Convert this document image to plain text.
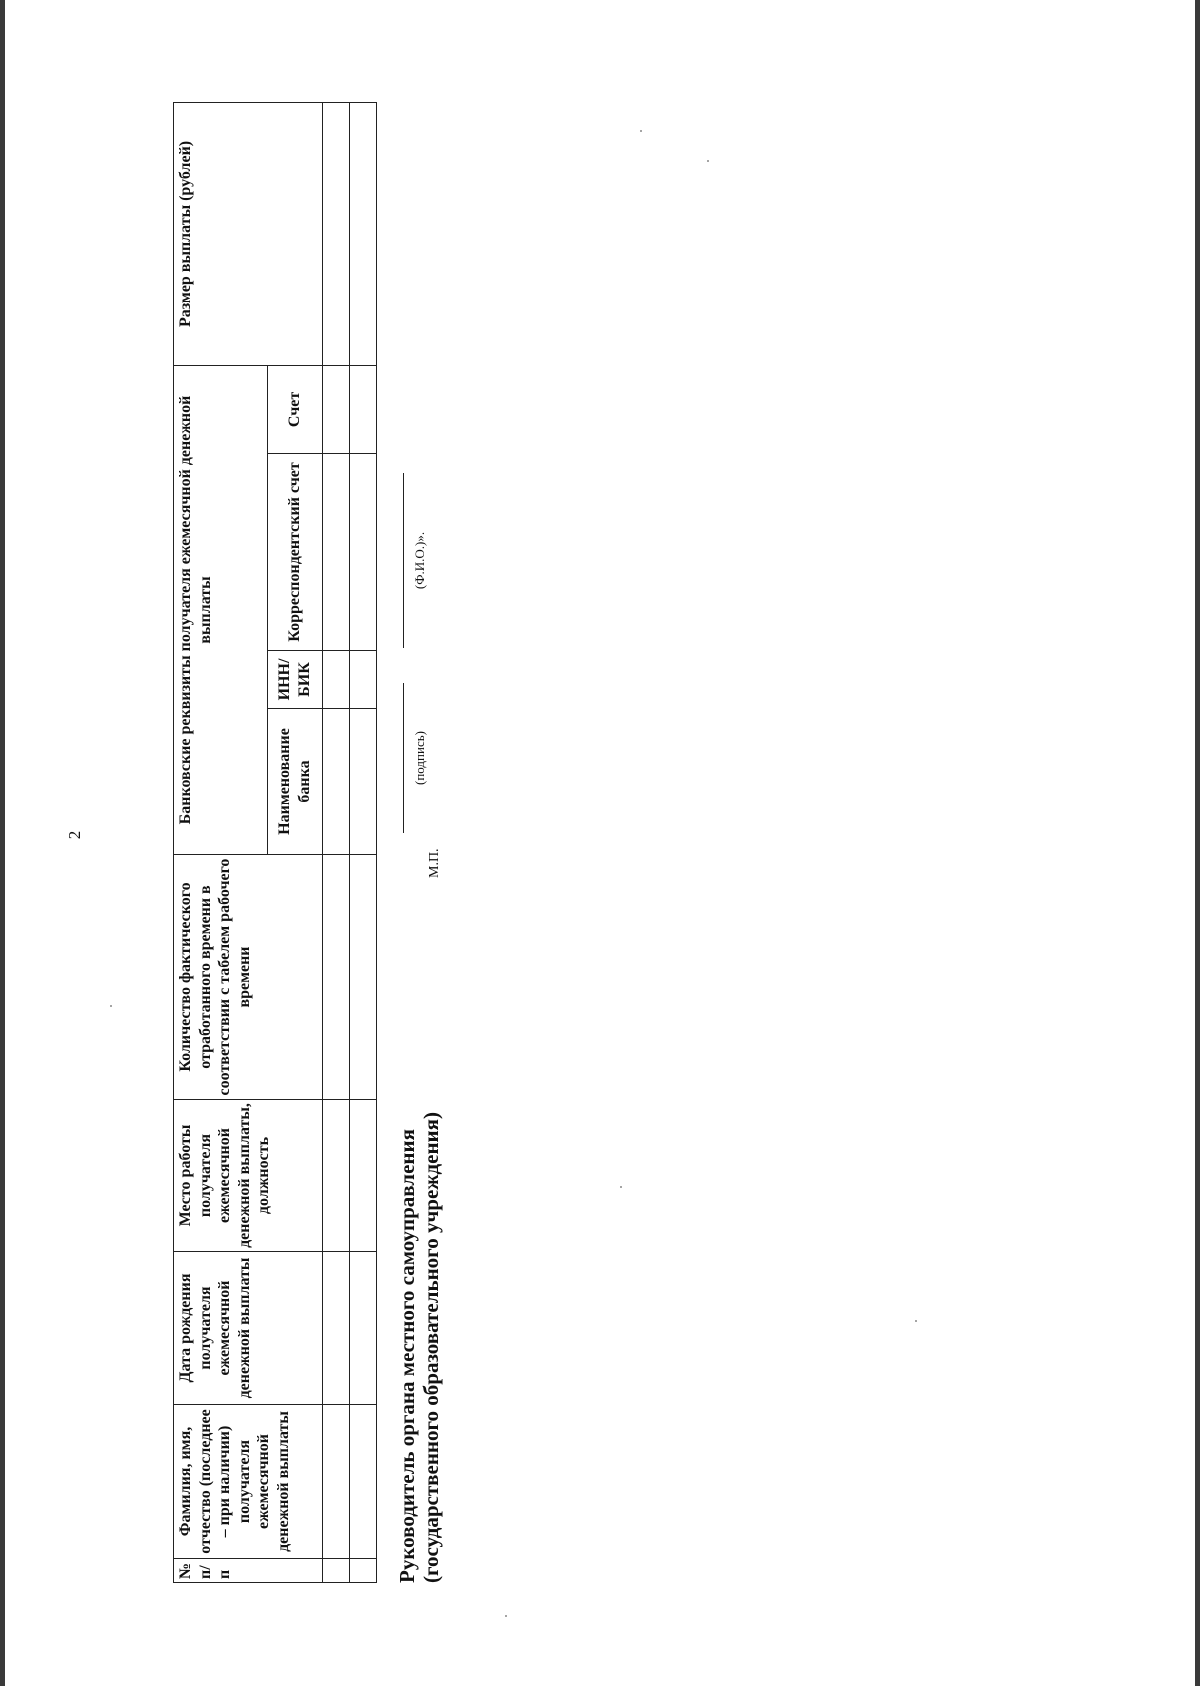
2
№ п/п	Фамилия, имя, отчество (последнее – при наличии) получателя ежемесячной денежной выплаты	Дата рождения получателя ежемесячной денежной выплаты	Место работы получателя ежемесячной денежной выплаты, должность	Количество фактического отработанного времени в соответствии с табелем рабочего времени	Банковские реквизиты получателя ежемесячной денежной выплаты				Размер выплаты (рублей)
					Наименование банка	ИНН/ БИК	Корреспондентский счет	Счет	

Руководитель органа местного самоуправления (государственного образовательного учреждения)
М.П.
(подпись)
(Ф.И.О.)».
